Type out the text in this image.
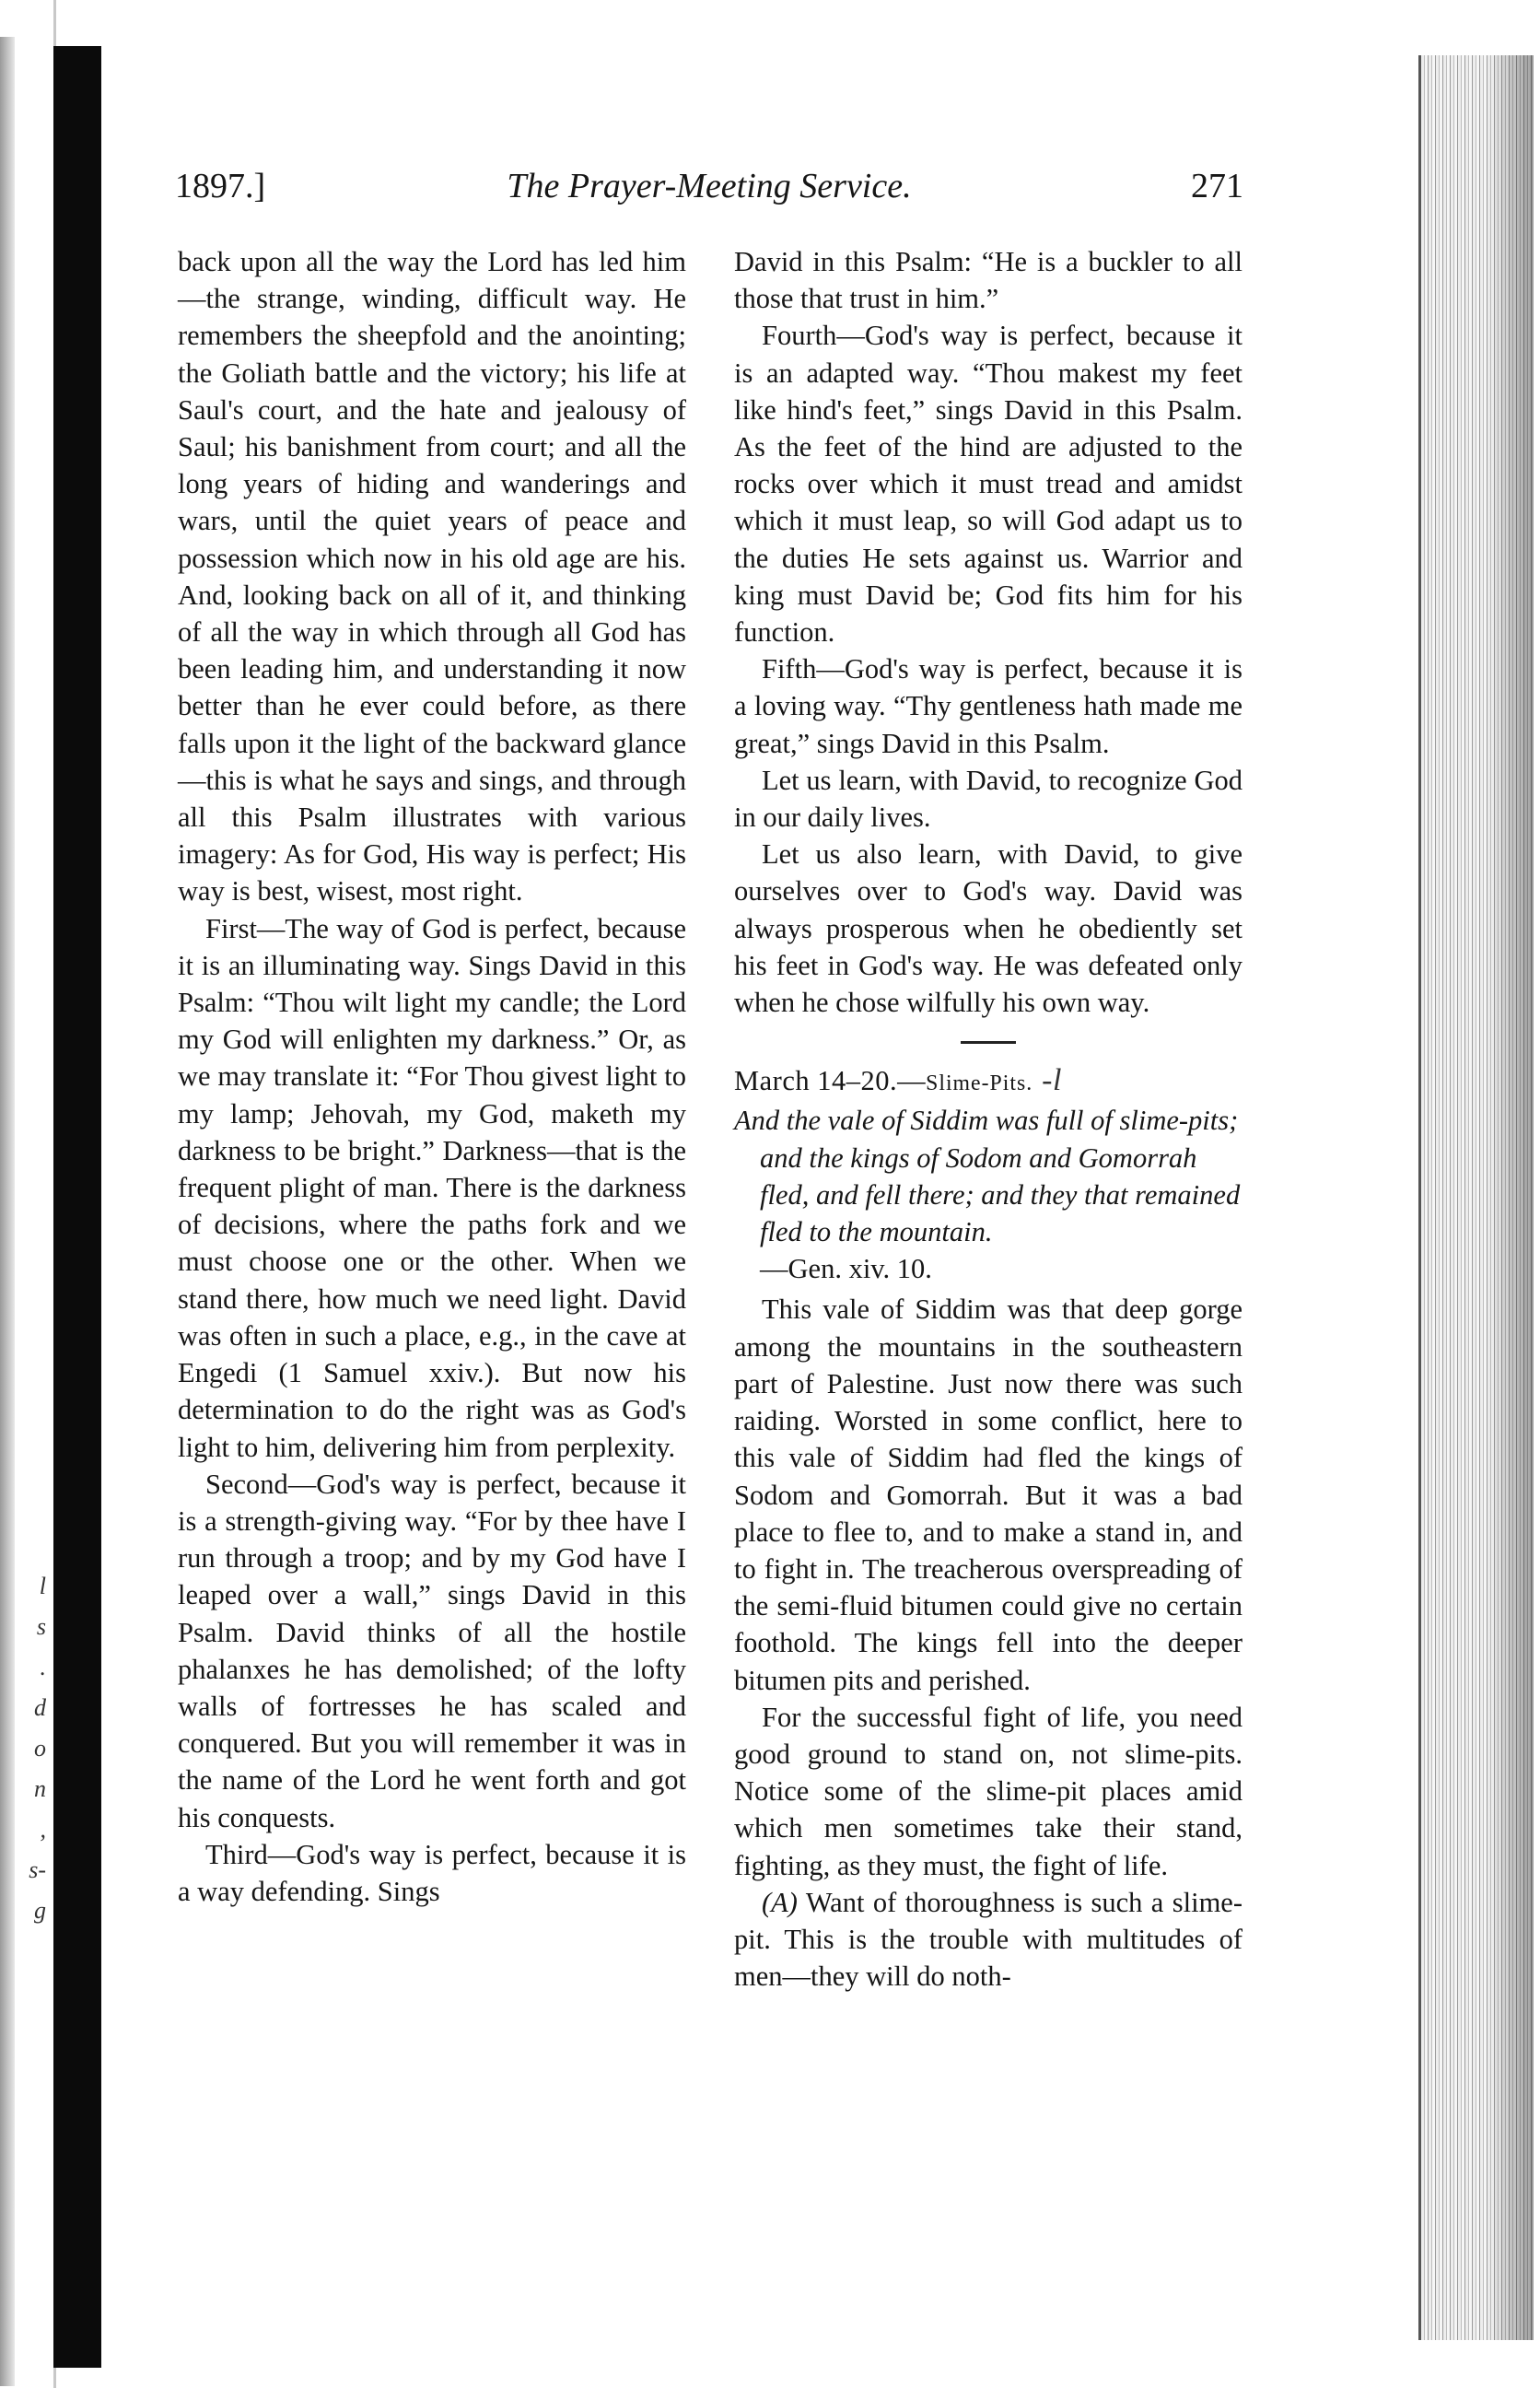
l
s
.
d
o
n
,
s-
g
1897.]	The Prayer-Meeting Service.	271

back upon all the way the Lord has led him—the strange, winding, difficult way. He remembers the sheepfold and the anointing; the Goliath battle and the victory; his life at Saul's court, and the hate and jealousy of Saul; his banishment from court; and all the long years of hiding and wanderings and wars, until the quiet years of peace and possession which now in his old age are his. And, looking back on all of it, and thinking of all the way in which through all God has been leading him, and understanding it now better than he ever could before, as there falls upon it the light of the backward glance—this is what he says and sings, and through all this Psalm illustrates with various imagery: As for God, His way is perfect; His way is best, wisest, most right.

First—The way of God is perfect, because it is an illuminating way. Sings David in this Psalm: “Thou wilt light my candle; the Lord my God will enlighten my darkness.” Or, as we may translate it: “For Thou givest light to my lamp; Jehovah, my God, maketh my darkness to be bright.” Darkness—that is the frequent plight of man. There is the darkness of decisions, where the paths fork and we must choose one or the other. When we stand there, how much we need light. David was often in such a place, e.g., in the cave at Engedi (1 Samuel xxiv.). But now his determination to do the right was as God's light to him, delivering him from perplexity.

Second—God's way is perfect, because it is a strength-giving way. “For by thee have I run through a troop; and by my God have I leaped over a wall,” sings David in this Psalm. David thinks of all the hostile phalanxes he has demolished; of the lofty walls of fortresses he has scaled and conquered. But you will remember it was in the name of the Lord he went forth and got his conquests.

Third—God's way is perfect, because it is a way defending. Sings

David in this Psalm: “He is a buckler to all those that trust in him.”

Fourth—God's way is perfect, because it is an adapted way. “Thou makest my feet like hind's feet,” sings David in this Psalm. As the feet of the hind are adjusted to the rocks over which it must tread and amidst which it must leap, so will God adapt us to the duties He sets against us. Warrior and king must David be; God fits him for his function.

Fifth—God's way is perfect, because it is a loving way. “Thy gentleness hath made me great,” sings David in this Psalm.

Let us learn, with David, to recognize God in our daily lives.

Let us also learn, with David, to give ourselves over to God's way. David was always prosperous when he obediently set his feet in God's way. He was defeated only when he chose wilfully his own way.

March 14–20.—Slime-Pits. -l

And the vale of Siddim was full of slime-pits; and the kings of Sodom and Gomorrah fled, and fell there; and they that remained fled to the mountain.

—Gen. xiv. 10.

This vale of Siddim was that deep gorge among the mountains in the southeastern part of Palestine. Just now there was such raiding. Worsted in some conflict, here to this vale of Siddim had fled the kings of Sodom and Gomorrah. But it was a bad place to flee to, and to make a stand in, and to fight in. The treacherous overspreading of the semi-fluid bitumen could give no certain foothold. The kings fell into the deeper bitumen pits and perished.

For the successful fight of life, you need good ground to stand on, not slime-pits. Notice some of the slime-pit places amid which men sometimes take their stand, fighting, as they must, the fight of life.

(A) Want of thoroughness is such a slime-pit. This is the trouble with multitudes of men—they will do noth-
